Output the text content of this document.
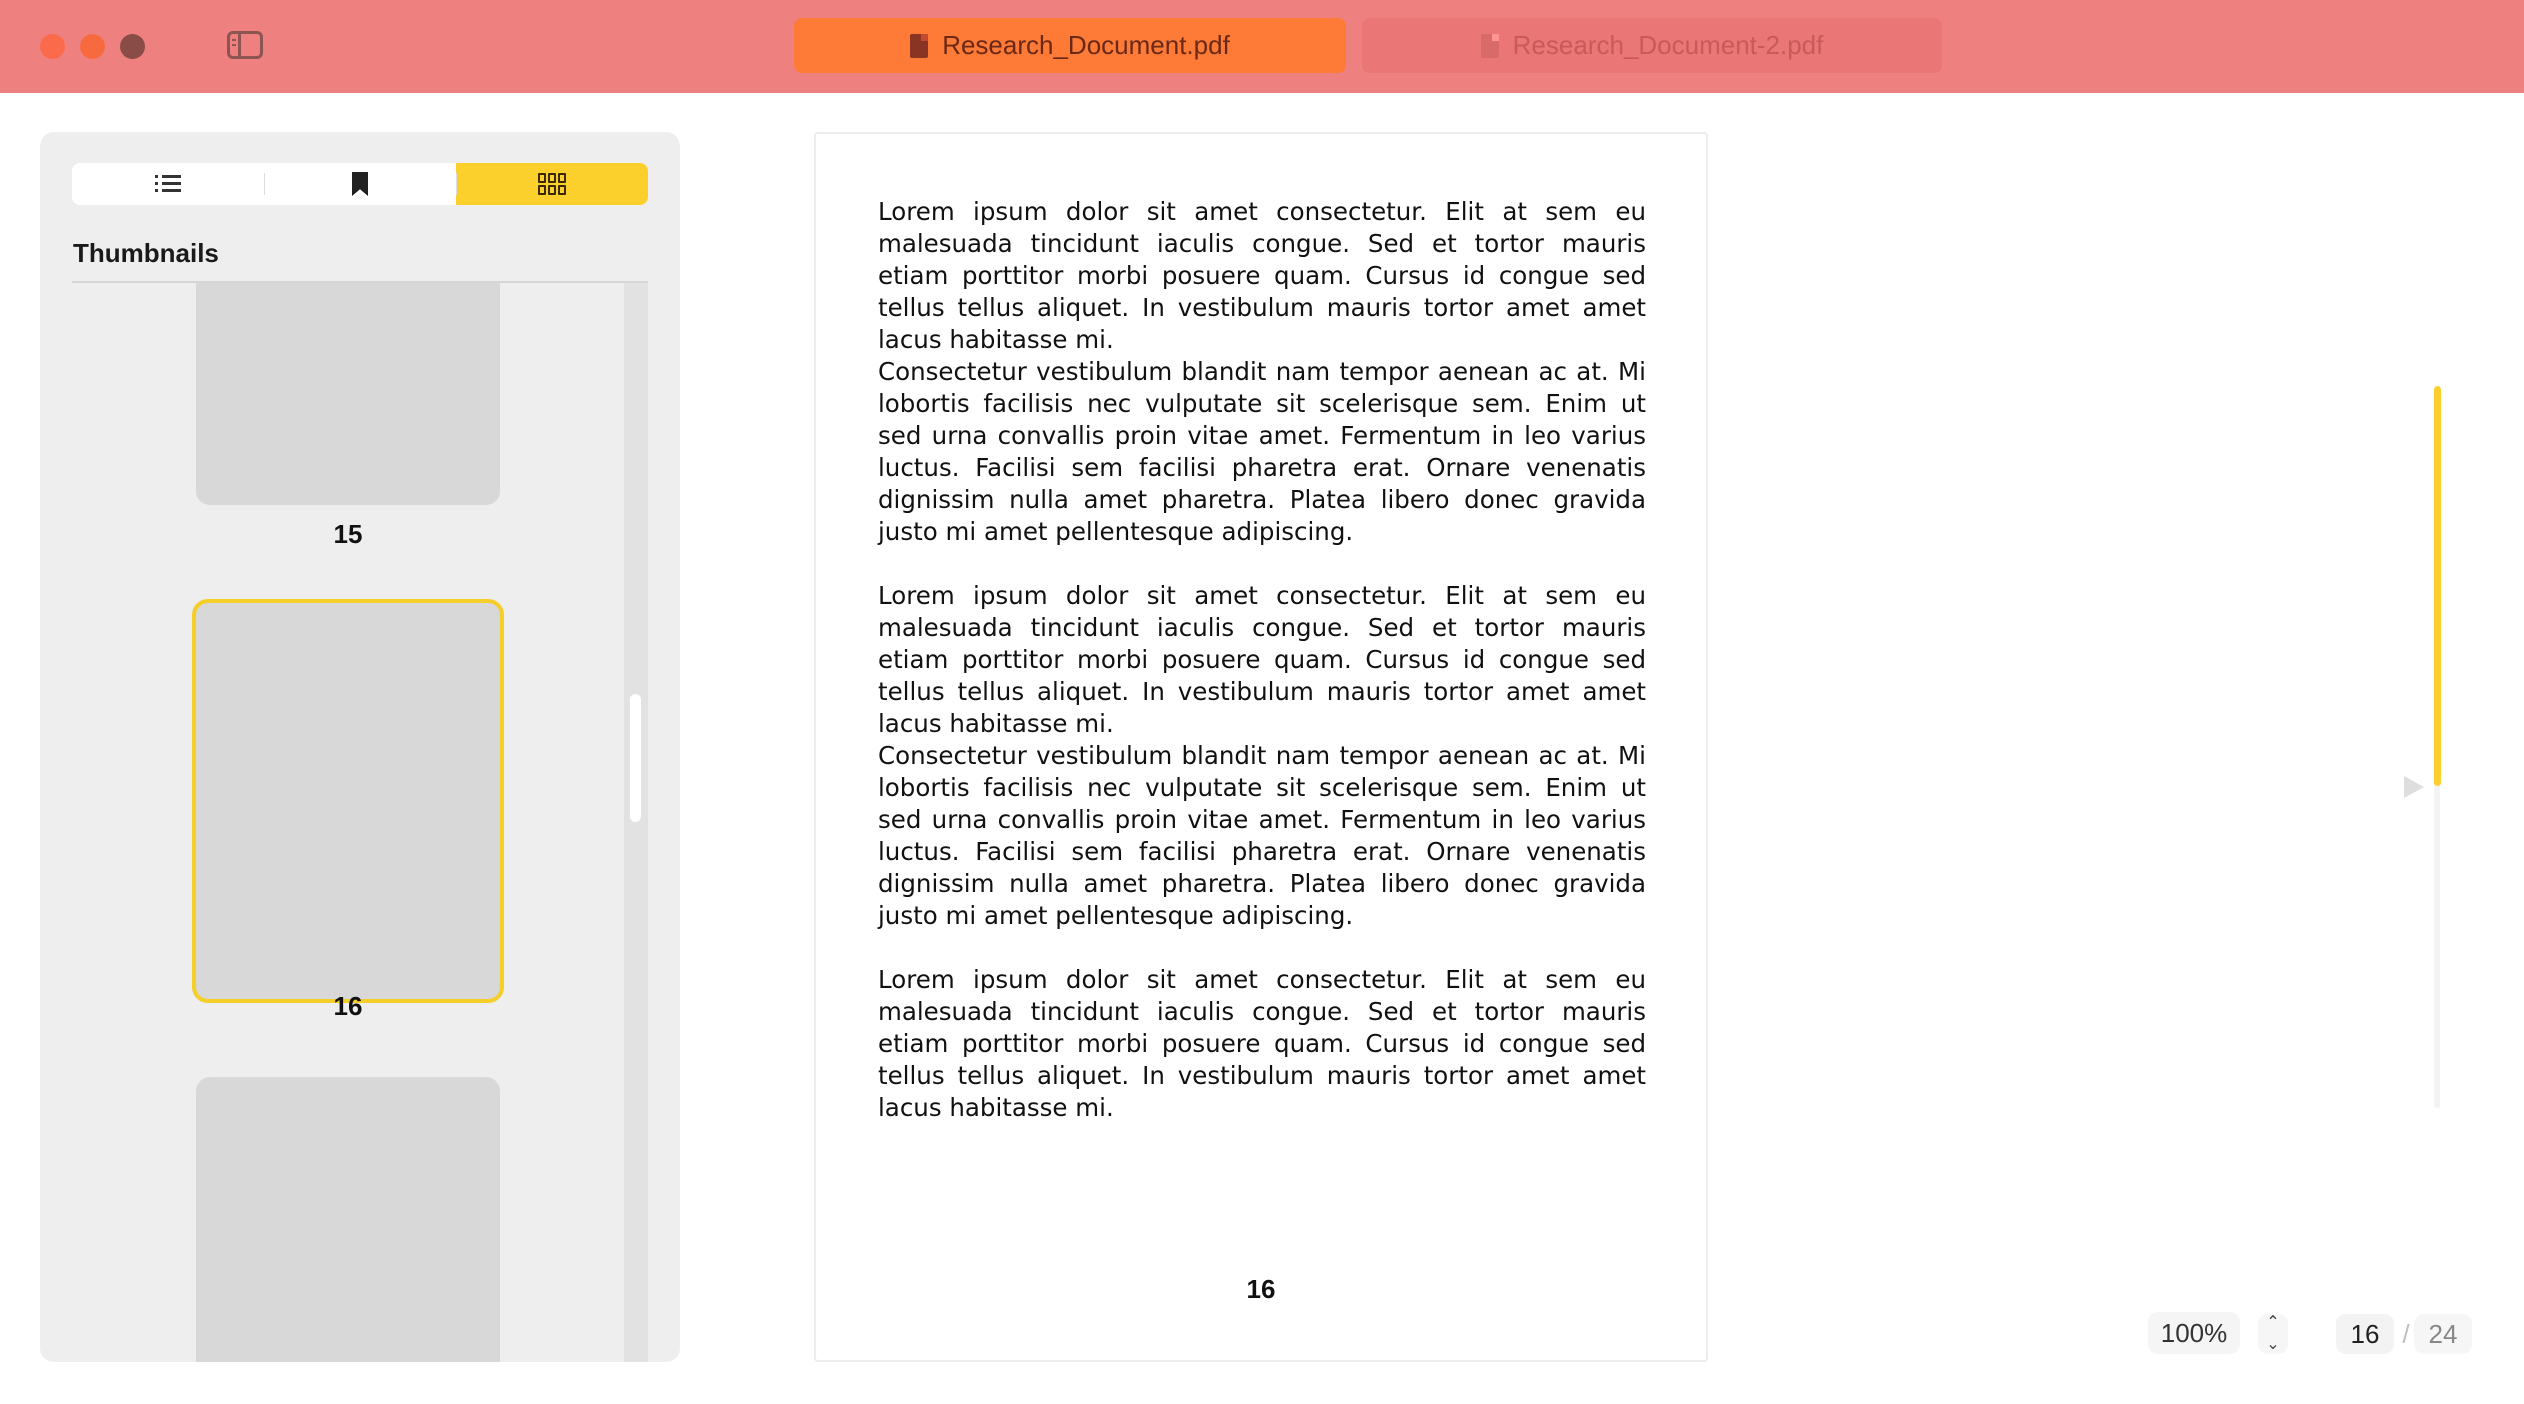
Research_Document.pdf	Research_Document-2.pdf
Thumbnails
15
16

Lorem ipsum dolor sit amet consectetur. Elit at sem eu malesuada tincidunt iaculis congue. Sed et tortor mauris etiam porttitor morbi posuere quam. Cursus id congue sed tellus tellus aliquet. In vestibulum mauris tortor amet amet lacus habitasse mi.

Consectetur vestibulum blandit nam tempor aenean ac at. Mi lobortis facilisis nec vulputate sit scelerisque sem. Enim ut sed urna convallis proin vitae amet. Fermentum in leo varius luctus. Facilisi sem facilisi pharetra erat. Ornare venenatis dignissim nulla amet pharetra. Platea libero donec gravida justo mi amet pellentesque adipiscing.

Lorem ipsum dolor sit amet consectetur. Elit at sem eu malesuada tincidunt iaculis congue. Sed et tortor mauris etiam porttitor morbi posuere quam. Cursus id congue sed tellus tellus aliquet. In vestibulum mauris tortor amet amet lacus habitasse mi.

Consectetur vestibulum blandit nam tempor aenean ac at. Mi lobortis facilisis nec vulputate sit scelerisque sem. Enim ut sed urna convallis proin vitae amet. Fermentum in leo varius luctus. Facilisi sem facilisi pharetra erat. Ornare venenatis dignissim nulla amet pharetra. Platea libero donec gravida justo mi amet pellentesque adipiscing.

Lorem ipsum dolor sit amet consectetur. Elit at sem eu malesuada tincidunt iaculis congue. Sed et tortor mauris etiam porttitor morbi posuere quam. Cursus id congue sed tellus tellus aliquet. In vestibulum mauris tortor amet amet lacus habitasse mi.

16
100%	⌃
⌄	16 / 24
